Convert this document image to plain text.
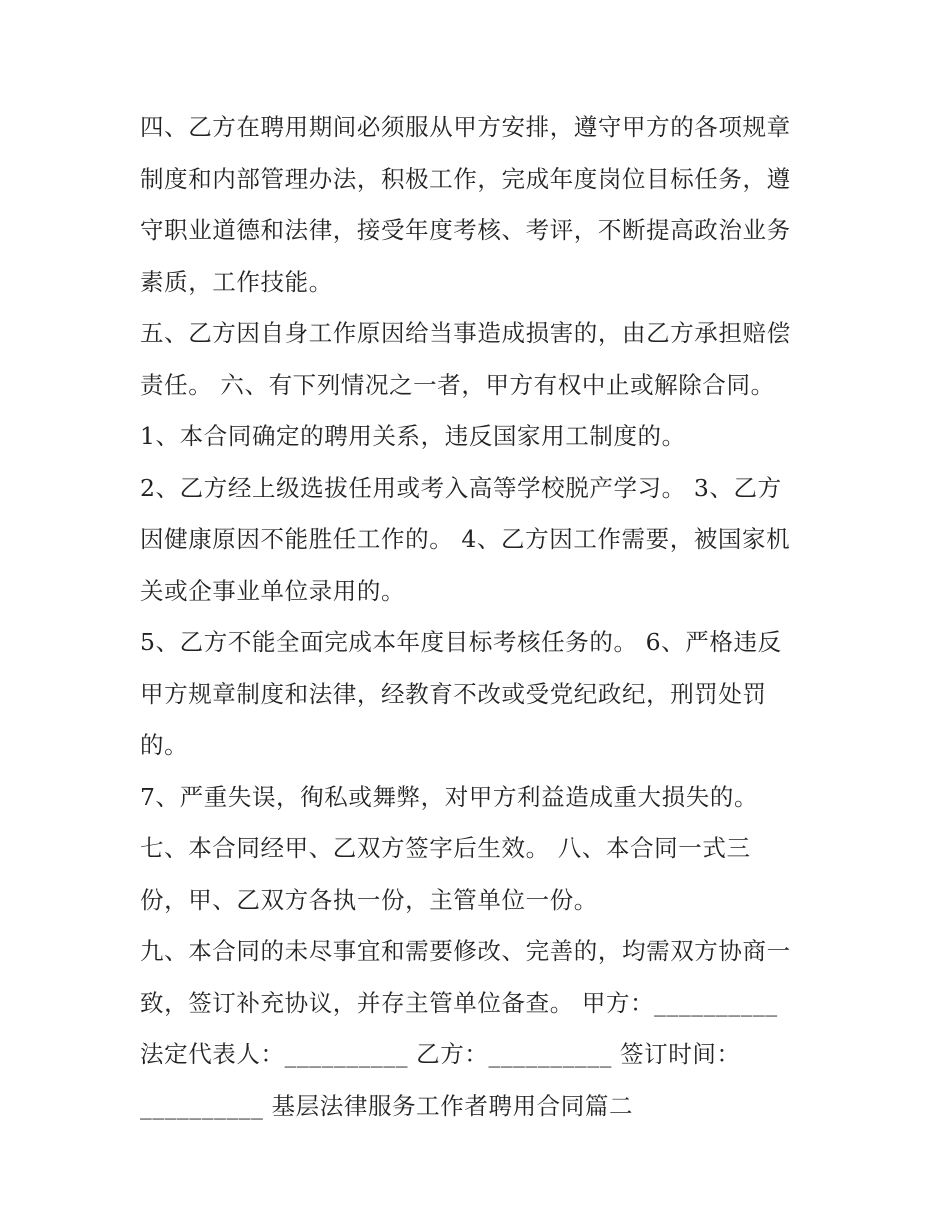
四、乙方在聘用期间必须服从甲方安排，遵守甲方的各项规章
制度和内部管理办法，积极工作，完成年度岗位目标任务，遵
守职业道德和法律，接受年度考核、考评，不断提高政治业务
素质，工作技能。
五、乙方因自身工作原因给当事造成损害的，由乙方承担赔偿
责任。 六、有下列情况之一者，甲方有权中止或解除合同。
1、本合同确定的聘用关系，违反国家用工制度的。
2、乙方经上级选拔任用或考入高等学校脱产学习。 3、乙方
因健康原因不能胜任工作的。 4、乙方因工作需要，被国家机
关或企事业单位录用的。
5、乙方不能全面完成本年度目标考核任务的。 6、严格违反
甲方规章制度和法律，经教育不改或受党纪政纪，刑罚处罚
的。
7、严重失误，徇私或舞弊，对甲方利益造成重大损失的。
七、本合同经甲、乙双方签字后生效。 八、本合同一式三
份，甲、乙双方各执一份，主管单位一份。
九、本合同的未尽事宜和需要修改、完善的，均需双方协商一
致，签订补充协议，并存主管单位备查。 甲方：__________
法定代表人：__________ 乙方：__________ 签订时间：
__________ 基层法律服务工作者聘用合同篇二
